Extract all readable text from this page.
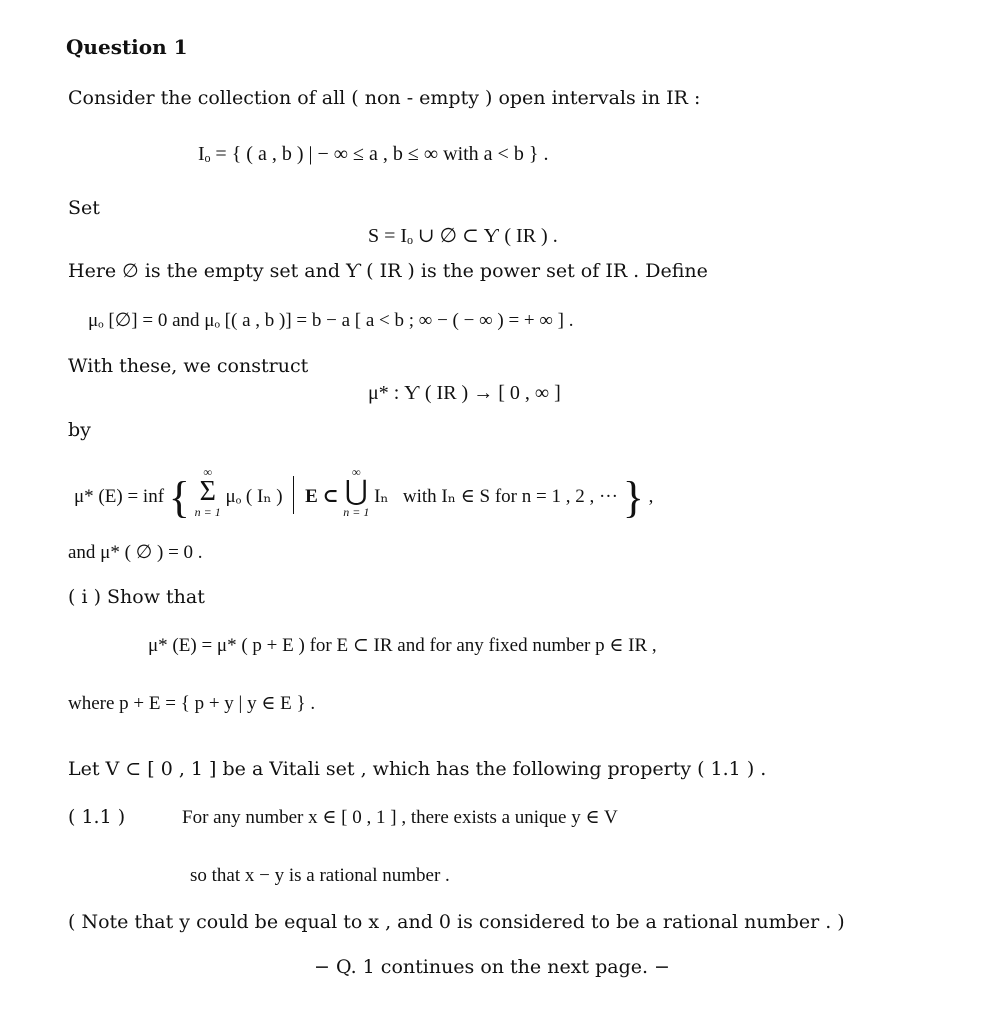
Question 1
Consider the collection of all ( non - empty ) open intervals in IR :
Iₒ = { ( a , b ) | − ∞ ≤ a , b ≤ ∞ with a < b } .
Set
S = Iₒ ∪ ∅ ⊂ Ƴ ( IR ) .
Here ∅ is the empty set and Ƴ ( IR ) is the power set of IR . Define
μₒ [∅] = 0 and μₒ [( a , b )] = b − a [ a < b ; ∞ − ( − ∞ ) = + ∞ ] .
With these, we construct
μ* : Ƴ ( IR ) → [ 0 , ∞ ]
by
μ* (E) = inf {
∞
Σ
n = 1
μₒ ( Iₙ ) E ⊂
∞
⋃
n = 1
Iₙ with Iₙ ∈ S for n = 1 , 2 , ··· } ,
and μ* ( ∅ ) = 0 .
( i ) Show that
μ* (E) = μ* ( p + E ) for E ⊂ IR and for any fixed number p ∈ IR ,
where p + E = { p + y | y ∈ E } .
Let V ⊂ [ 0 , 1 ] be a Vitali set , which has the following property ( 1.1 ) .
( 1.1 )	For any number x ∈ [ 0 , 1 ] , there exists a unique y ∈ V
so that x − y is a rational number .
( Note that y could be equal to x , and 0 is considered to be a rational number . )
− Q. 1 continues on the next page. −
